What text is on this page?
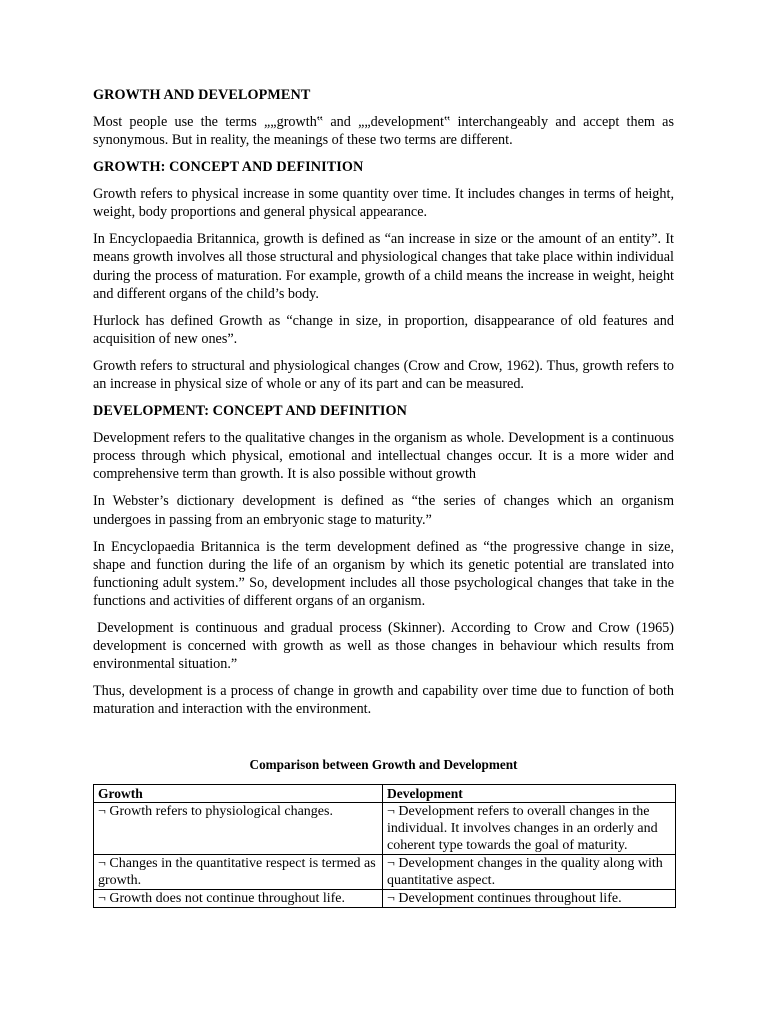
GROWTH AND DEVELOPMENT

Most people use the terms „„growth‟ and „„development‟ interchangeably and accept them as synonymous. But in reality, the meanings of these two terms are different.

GROWTH: CONCEPT AND DEFINITION

Growth refers to physical increase in some quantity over time. It includes changes in terms of height, weight, body proportions and general physical appearance.

In Encyclopaedia Britannica, growth is defined as “an increase in size or the amount of an entity”. It means growth involves all those structural and physiological changes that take place within individual during the process of maturation. For example, growth of a child means the increase in weight, height and different organs of the child’s body.

Hurlock has defined Growth as “change in size, in proportion, disappearance of old features and acquisition of new ones”.

Growth refers to structural and physiological changes (Crow and Crow, 1962). Thus, growth refers to an increase in physical size of whole or any of its part and can be measured.

DEVELOPMENT: CONCEPT AND DEFINITION

Development refers to the qualitative changes in the organism as whole. Development is a continuous process through which physical, emotional and intellectual changes occur. It is a more wider and comprehensive term than growth. It is also possible without growth

In Webster’s dictionary development is defined as “the series of changes which an organism undergoes in passing from an embryonic stage to maturity.”

In Encyclopaedia Britannica is the term development defined as “the progressive change in size, shape and function during the life of an organism by which its genetic potential are translated into functioning adult system.” So, development includes all those psychological changes that take in the functions and activities of different organs of an organism.

Development is continuous and gradual process (Skinner). According to Crow and Crow (1965) development is concerned with growth as well as those changes in behaviour which results from environmental situation.”

Thus, development is a process of change in growth and capability over time due to function of both maturation and interaction with the environment.

Comparison between Growth and Development
Growth	Development
¬ Growth refers to physiological changes.	¬ Development refers to overall changes in the individual. It involves changes in an orderly and coherent type towards the goal of maturity.
¬ Changes in the quantitative respect is termed as growth.	¬ Development changes in the quality along with quantitative aspect.
¬ Growth does not continue throughout life.	¬ Development continues throughout life.
